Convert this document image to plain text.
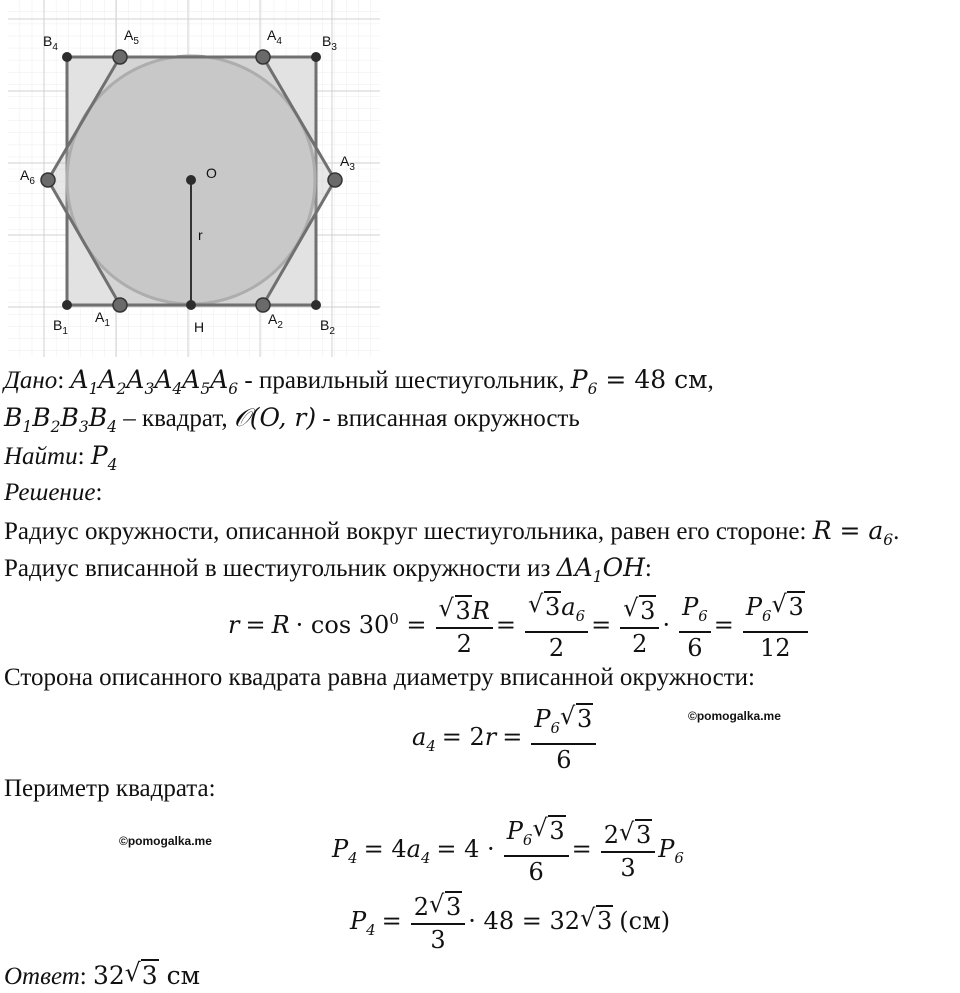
$B_4$
$A_5$	$A_4$	$B_3$
$A_6$
O
$A_3$
r
$B_1$
$A_1$	H	$A_2$	$B_2$
Дано: $A_1A_2A_3A_4A_5A_6$ - правильный шестиугольник, $P_6 = 48$ см,
$B_1B_2B_3B_4$ – квадрат, 𝒪(O, r) - вписанная окружность
Найти: $P_4$
Решение:
Радиус окружности, описанной вокруг шестиугольника, равен его стороне: $R = a_6$.
Радиус вписанной в шестиугольник окружности из $\Delta A_1OH$:
$r = R \cdot \cos 30^0 = \frac{√ 3R}{2} = \frac{√ 3a_6}{2} = \frac{√ 3}{2} \cdot \frac{P_6}{6} = \frac{P_6 √ 3}{12}$
Сторона описанного квадрата равна диаметру вписанной окружности:
$a_4 = 2r = \frac{P_6 √ 3}{6}$	©pomogalka.me
Периметр квадрата:
©pomogalka.me	$P_4 = 4a_4 = 4 \cdot \frac{P_6 √ 3}{6} = \frac{2 √ 3}{3} P_6$
$P_4 = \frac{2 √ 3}{3} \cdot 48 = 32$ √ 3 (см)
Ответ: 32 √ 3 см
